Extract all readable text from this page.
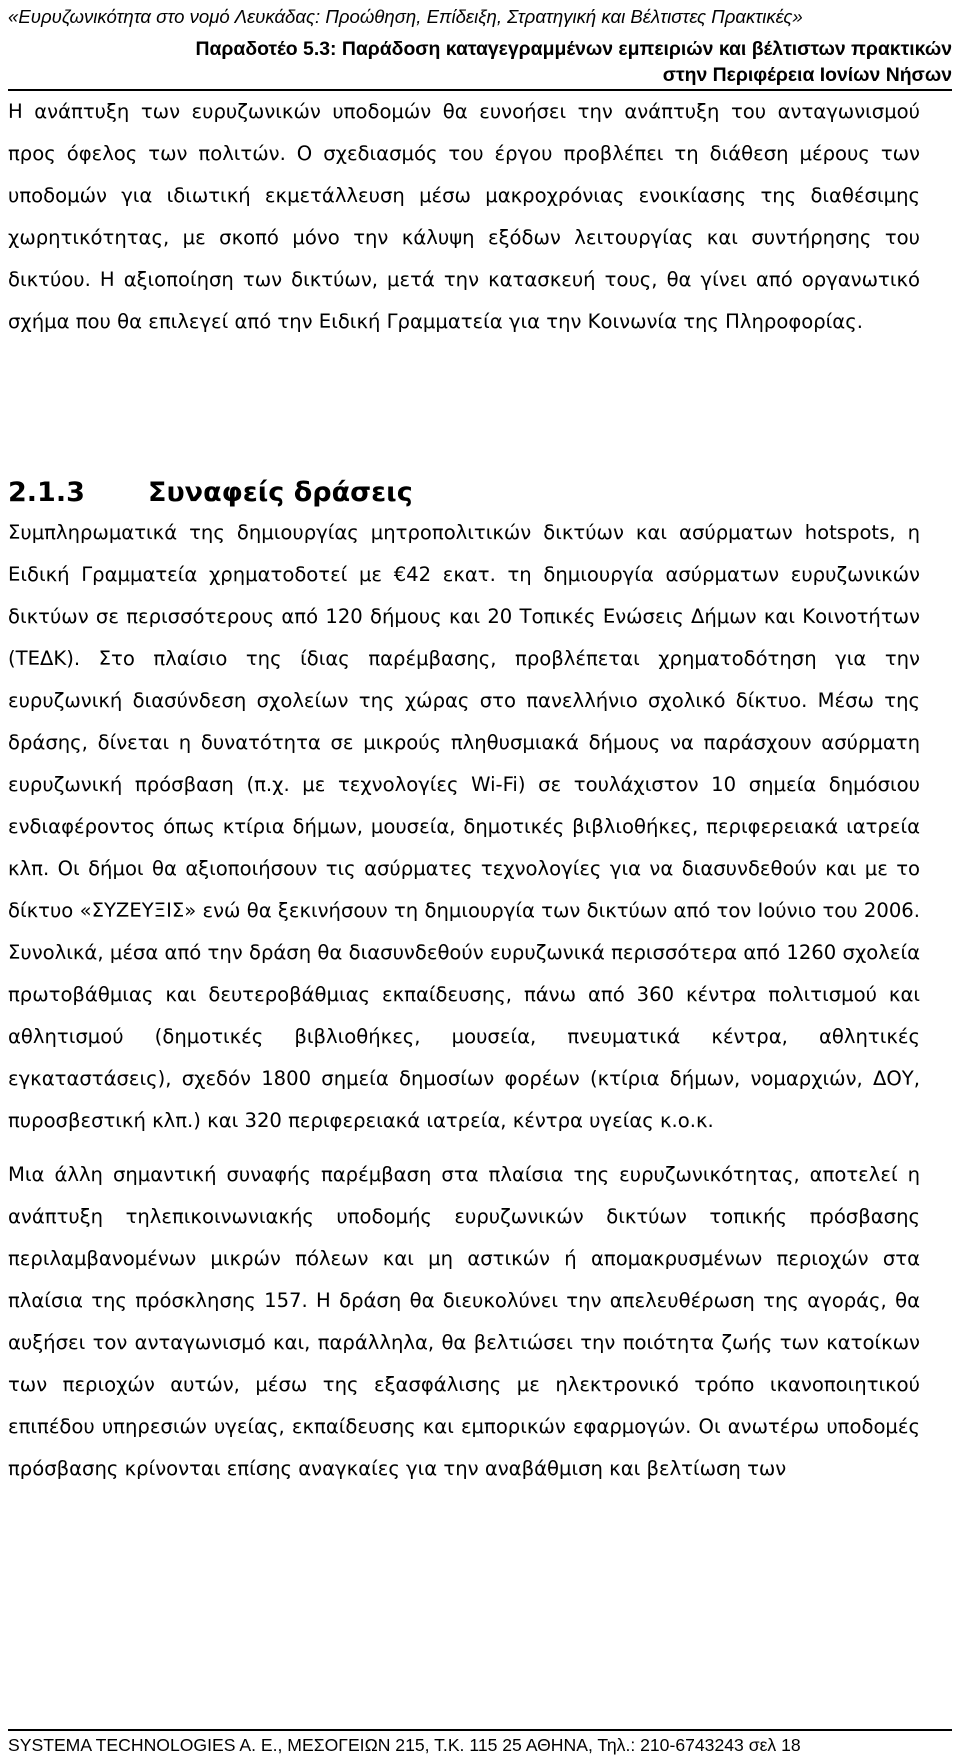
«Ευρυζωνικότητα στο νομό Λευκάδας: Προώθηση, Επίδειξη, Στρατηγική και Βέλτιστες Πρακτικές»
Παραδοτέο 5.3: Παράδοση καταγεγραμμένων εμπειριών και βέλτιστων πρακτικών
στην Περιφέρεια Ιονίων Νήσων

Η ανάπτυξη των ευρυζωνικών υποδομών θα ευνοήσει την ανάπτυξη του ανταγωνισμού προς όφελος των πολιτών. Ο σχεδιασμός του έργου προβλέπει τη διάθεση μέρους των υποδομών για ιδιωτική εκμετάλλευση μέσω μακροχρόνιας ενοικίασης της διαθέσιμης χωρητικότητας, με σκοπό μόνο την κάλυψη εξόδων λειτουργίας και συντήρησης του δικτύου. Η αξιοποίηση των δικτύων, μετά την κατασκευή τους, θα γίνει από οργανωτικό σχήμα που θα επιλεγεί από την Ειδική Γραμματεία για την Κοινωνία της Πληροφορίας.

2.1.3 Συναφείς δράσεις

Συμπληρωματικά της δημιουργίας μητροπολιτικών δικτύων και ασύρματων hotspots, η Ειδική Γραμματεία χρηματοδοτεί με €42 εκατ. τη δημιουργία ασύρματων ευρυζωνικών δικτύων σε περισσότερους από 120 δήμους και 20 Τοπικές Ενώσεις Δήμων και Κοινοτήτων (ΤΕΔΚ). Στο πλαίσιο της ίδιας παρέμβασης, προβλέπεται χρηματοδότηση για την ευρυζωνική διασύνδεση σχολείων της χώρας στο πανελλήνιο σχολικό δίκτυο. Μέσω της δράσης, δίνεται η δυνατότητα σε μικρούς πληθυσμιακά δήμους να παράσχουν ασύρματη ευρυζωνική πρόσβαση (π.χ. με τεχνολογίες Wi-Fi) σε τουλάχιστον 10 σημεία δημόσιου ενδιαφέροντος όπως κτίρια δήμων, μουσεία, δημοτικές βιβλιοθήκες, περιφερειακά ιατρεία κλπ. Οι δήμοι θα αξιοποιήσουν τις ασύρματες τεχνολογίες για να διασυνδεθούν και με το δίκτυο «ΣΥΖΕΥΞΙΣ» ενώ θα ξεκινήσουν τη δημιουργία των δικτύων από τον Ιούνιο του 2006. Συνολικά, μέσα από την δράση θα διασυνδεθούν ευρυζωνικά περισσότερα από 1260 σχολεία πρωτοβάθμιας και δευτεροβάθμιας εκπαίδευσης, πάνω από 360 κέντρα πολιτισμού και αθλητισμού (δημοτικές βιβλιοθήκες, μουσεία, πνευματικά κέντρα, αθλητικές εγκαταστάσεις), σχεδόν 1800 σημεία δημοσίων φορέων (κτίρια δήμων, νομαρχιών, ΔΟΥ, πυροσβεστική κλπ.) και 320 περιφερειακά ιατρεία, κέντρα υγείας κ.ο.κ.

Μια άλλη σημαντική συναφής παρέμβαση στα πλαίσια της ευρυζωνικότητας, αποτελεί η ανάπτυξη τηλεπικοινωνιακής υποδομής ευρυζωνικών δικτύων τοπικής πρόσβασης περιλαμβανομένων μικρών πόλεων και μη αστικών ή απομακρυσμένων περιοχών στα πλαίσια της πρόσκλησης 157. Η δράση θα διευκολύνει την απελευθέρωση της αγοράς, θα αυξήσει τον ανταγωνισμό και, παράλληλα, θα βελτιώσει την ποιότητα ζωής των κατοίκων των περιοχών αυτών, μέσω της εξασφάλισης με ηλεκτρονικό τρόπο ικανοποιητικού επιπέδου υπηρεσιών υγείας, εκπαίδευσης και εμπορικών εφαρμογών. Οι ανωτέρω υποδομές πρόσβασης κρίνονται επίσης αναγκαίες για την αναβάθμιση και βελτίωση των

SYSTEMA TECHNOLOGIES A. E., ΜΕΣΟΓΕΙΩΝ 215, Τ.Κ. 115 25 ΑΘΗΝΑ, Τηλ.: 210-6743243 σελ 18
